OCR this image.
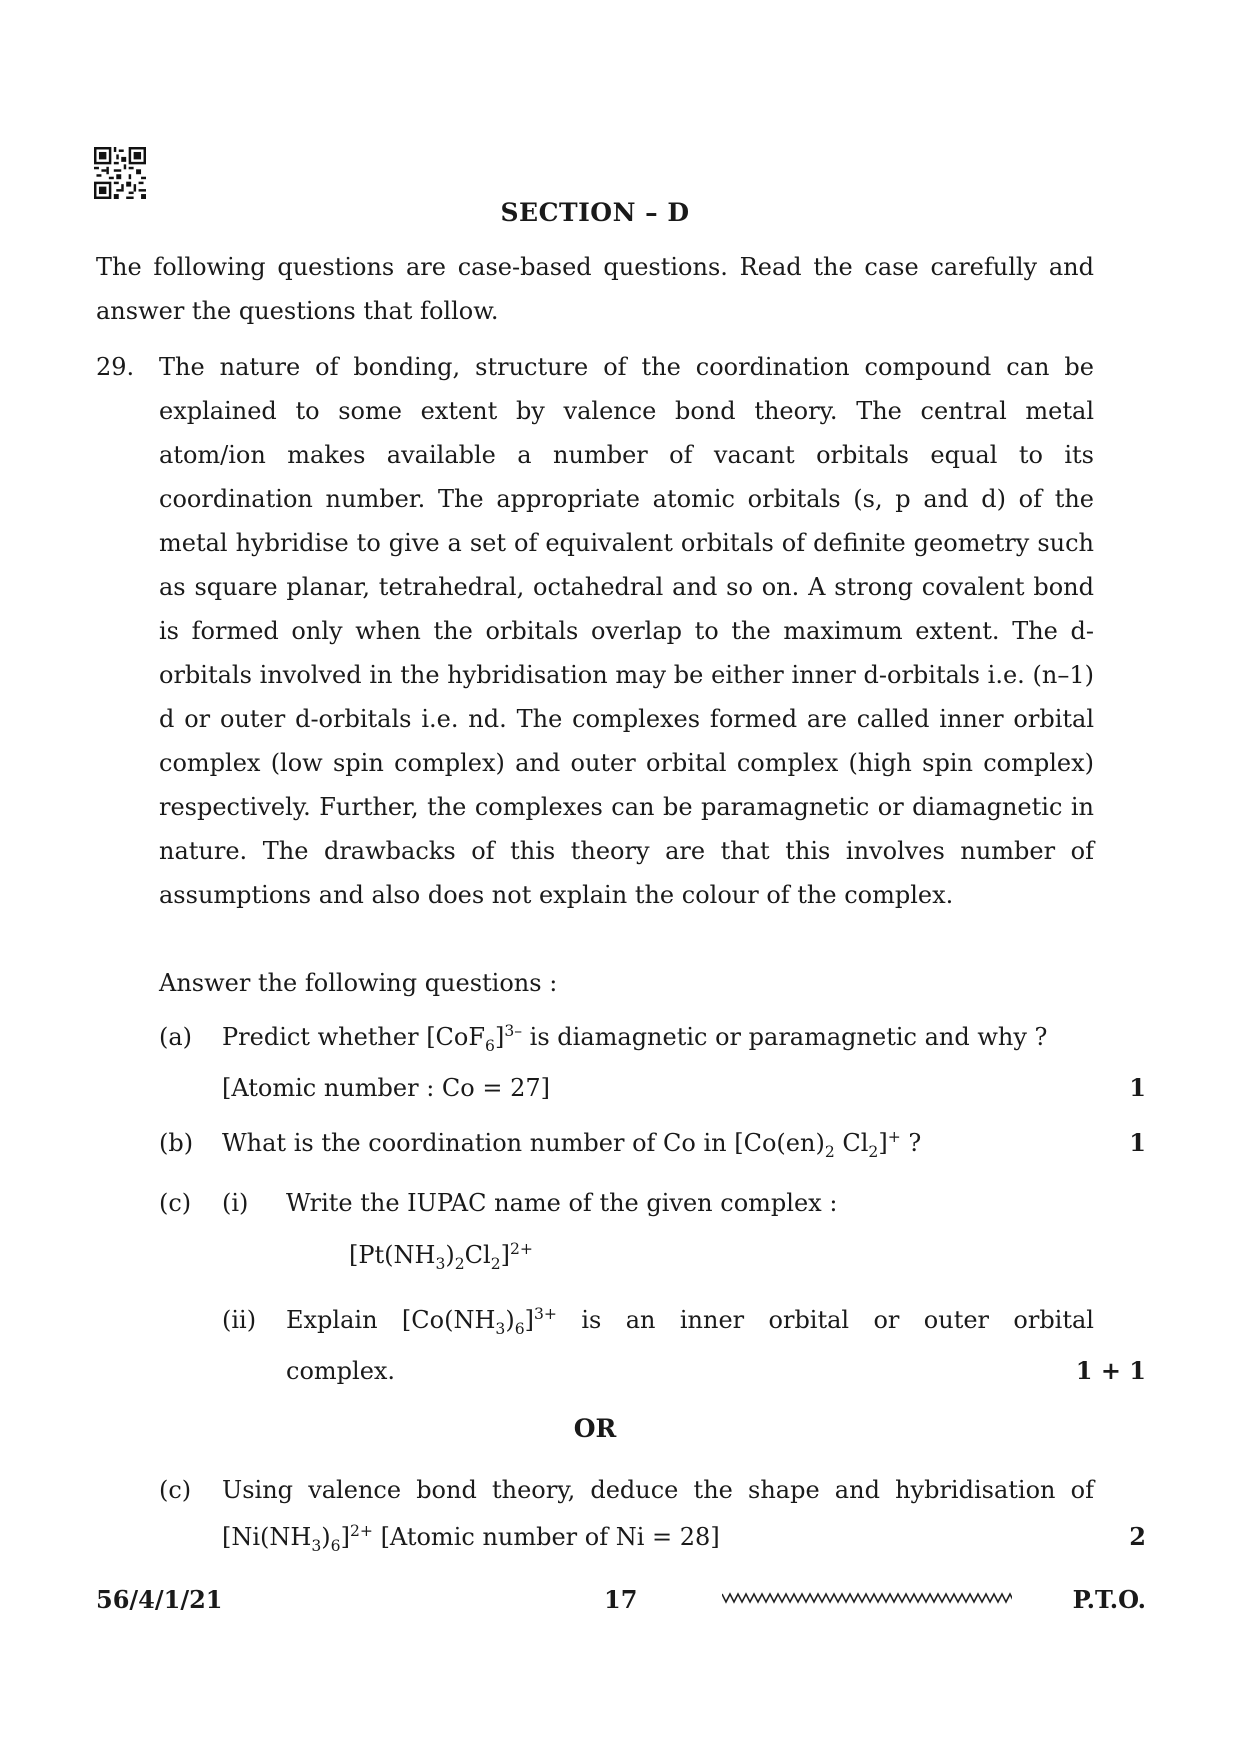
SECTION – D
The following questions are case-based questions. Read the case carefully and answer the questions that follow.
29. The nature of bonding, structure of the coordination compound can be explained to some extent by valence bond theory. The central metal atom/ion makes available a number of vacant orbitals equal to its coordination number. The appropriate atomic orbitals (s, p and d) of the metal hybridise to give a set of equivalent orbitals of definite geometry such as square planar, tetrahedral, octahedral and so on. A strong covalent bond is formed only when the orbitals overlap to the maximum extent. The d-orbitals involved in the hybridisation may be either inner d-orbitals i.e. (n–1) d or outer d-orbitals i.e. nd. The complexes formed are called inner orbital complex (low spin complex) and outer orbital complex (high spin complex) respectively. Further, the complexes can be paramagnetic or diamagnetic in nature. The drawbacks of this theory are that this involves number of assumptions and also does not explain the colour of the complex.
Answer the following questions :
(a) Predict whether $[CoF_6]^{3-}$ is diamagnetic or paramagnetic and why ?
[Atomic number : Co = 27]	1
(b) What is the coordination number of Co in [$Co(en)_2$ $Cl_2]^+$ ?	1
(c) (i) Write the IUPAC name of the given complex :
$[Pt(NH_3)_2Cl_2]^{2+}$
(ii) Explain $[Co(NH_3)_6]^{3+}$ is an inner orbital or outer orbital
complex.	1 + 1
OR
(c) Using valence bond theory, deduce the shape and hybridisation of
$[Ni(NH_3)_6]^{2+}$ [Atomic number of Ni = 28]	2
56/4/1/21	17	P.T.O.
